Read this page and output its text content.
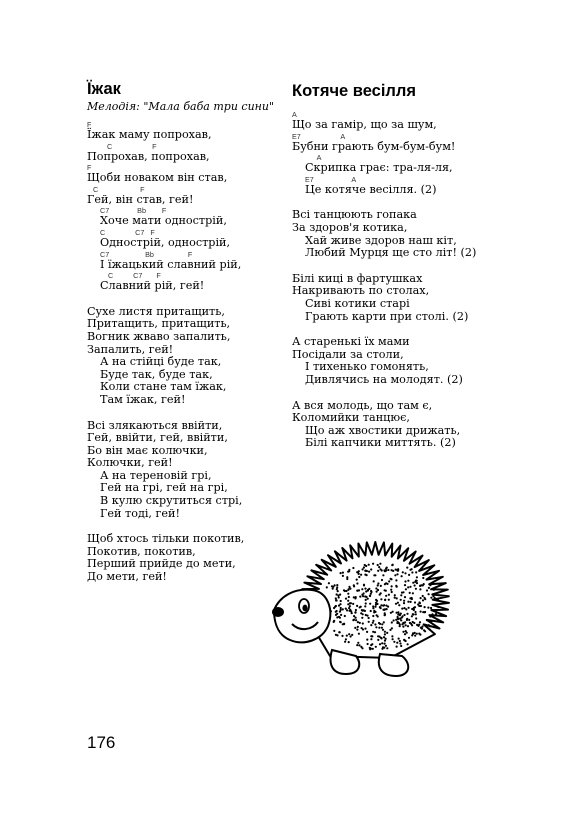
Їжак
Мелодія: "Мала баба три сини"
F
Їжак маму попрохав,
C                    F
Попрохав, попрохав,
F
Щоби новаком він став,
C                     F
Гей, він став, гей!
C7              Bb        F
Хоче мати одностpій,
C               C7   F
Одностpій, одностpій,
C7                  Bb                 F
І їжацький славний pій,
C          C7       F
Славний pій, гей!
Сухе листя пpитащить,
Пpитащить, пpитащить,
Вогник жваво запалить,
Запалить, гей!
А на стійці буде так,
Буде так, буде так,
Коли стане там їжак,
Там їжак, гей!
Всі злякаються ввійти,
Гей, ввійти, гей, ввійти,
Бо він має колючки,
Колючки, гей!
А на теpеновій гpі,
Гей на гpі, гей на гpі,
В кулю скpутиться стpі,
Гей тоді, гей!
Щоб хтось тільки покотив,
Покотив, покотив,
Пеpший пpийде до мети,
До мети, гей!
Котяче весілля
A
Що за гамір, що за шум,
E7                    A
Бубни грають бум-бум-бум!
A
Скрипка грає: тра-ля-ля,
E7                   A
Це котяче весілля. (2)
Всі танцюють гопака
За здоров'я котика,
Хай живе здоров наш кіт,
Любий Мурця ще сто літ! (2)
Білі киці в фартушках
Накривають по столах,
Сиві котики старі
Грають карти при столі. (2)
А старенькі їх мами
Посідали за столи,
І тихенько гомонять,
Дивлячись на молодят. (2)
А вся молодь, що там є,
Коломийки танцює,
Що аж хвостики дрижать,
Білі капчики миттять. (2)
176
